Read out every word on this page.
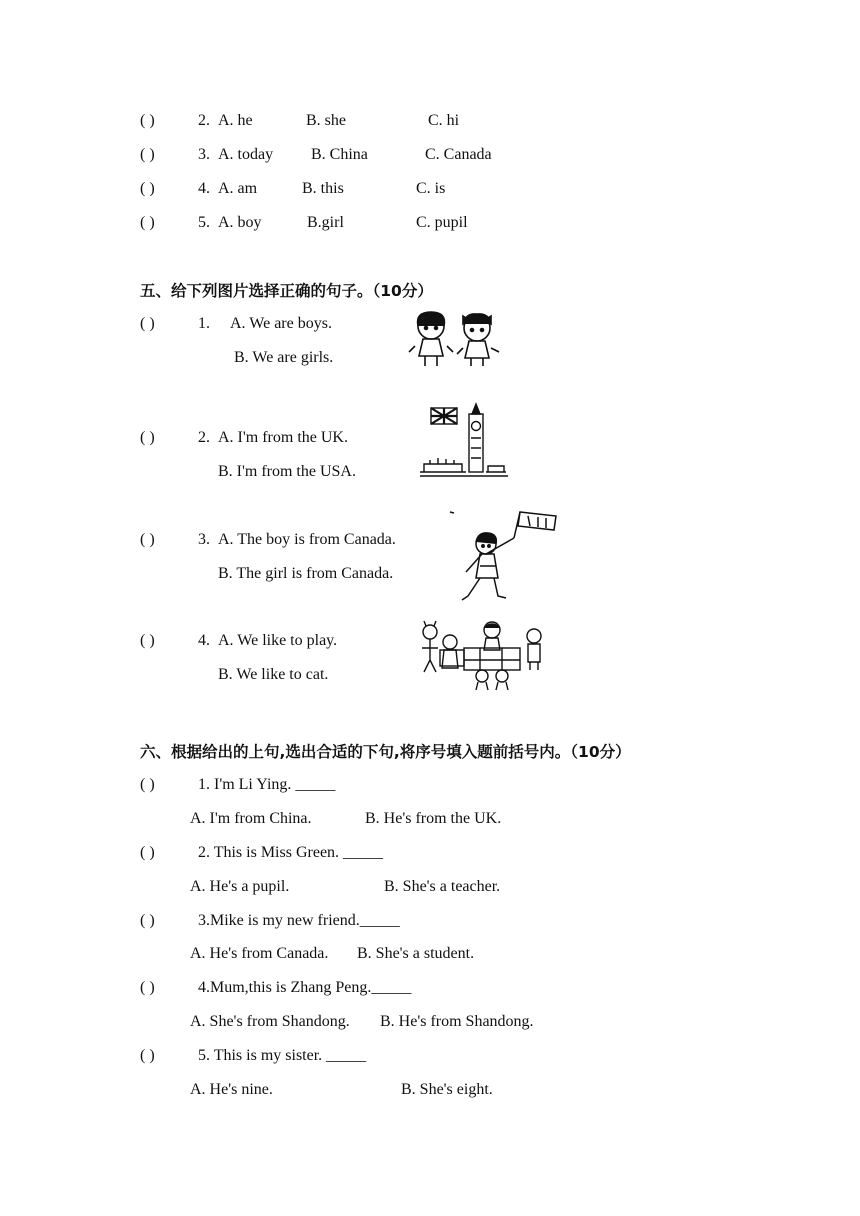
( )	2. A. he	B. she	C. hi
( )	3. A. today B. China	C. Canada
( )	4. A. am	B. this	C. is
( )	5. A. boy	B.girl	C. pupil
五、给下列图片选择正确的句子。（10分）
( )	1. A. We are boys.
B. We are girls.
( )	2. A. I'm from the UK.
B. I'm from the USA.
( )	3. A. The boy is from Canada.
B. The girl is from Canada.
( )	4. A. We like to play.
B. We like to cat.
六、根据给出的上句,选出合适的下句,将序号填入题前括号内。（10分）
( )	1. I'm Li Ying. _____
A. I'm from China.	B. He's from the UK.
( )	2. This is Miss Green. _____
A. He's a pupil.	B. She's a teacher.
( )	3.Mike is my new friend._____
A. He's from Canada. B. She's a student.
( )	4.Mum,this is Zhang Peng._____
A. She's from Shandong. B. He's from Shandong.
( )	5. This is my sister. _____
A. He's nine.	B. She's eight.
